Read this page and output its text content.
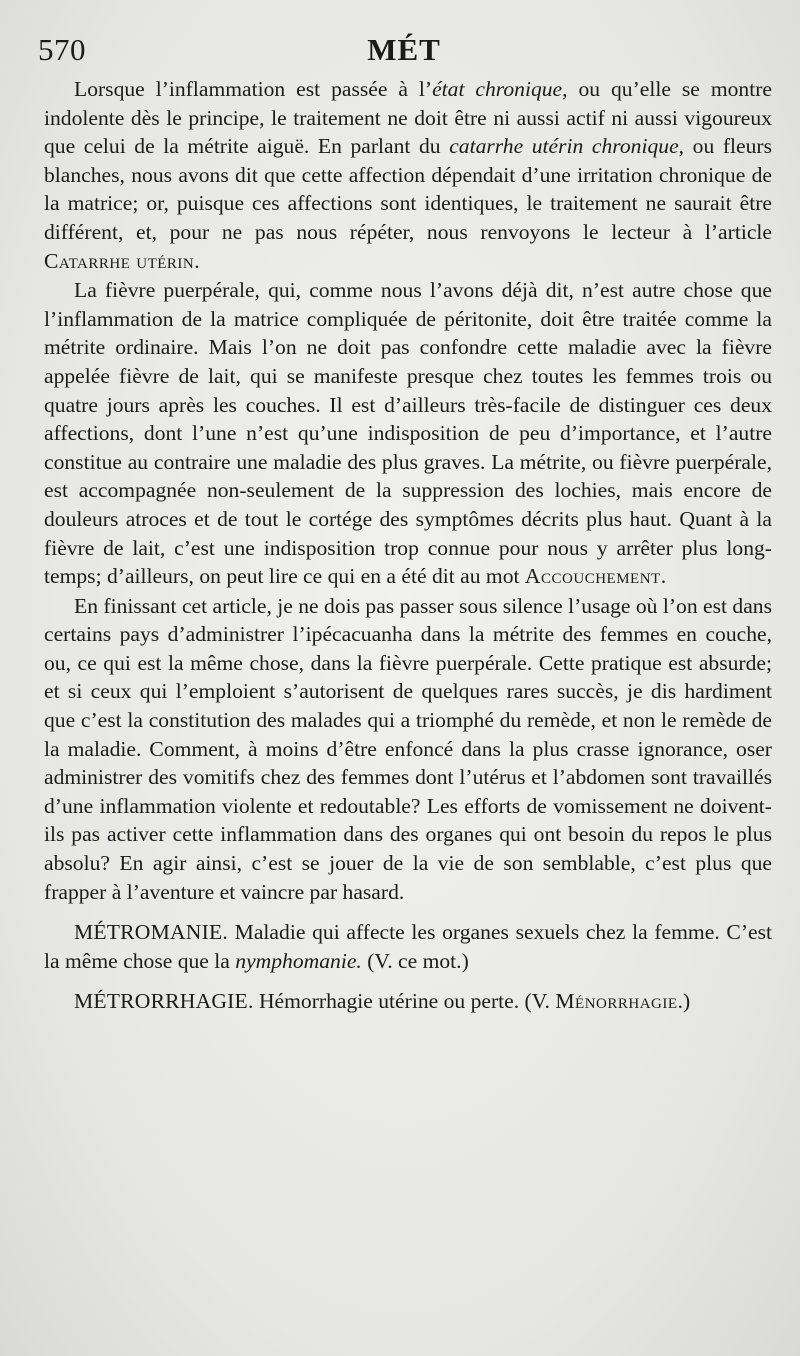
570	MÉT

Lorsque l’inflammation est passée à l’état chronique, ou qu’elle se montre indolente dès le principe, le traitement ne doit être ni aussi actif ni aussi vigoureux que celui de la métrite aiguë. En parlant du catarrhe utérin chronique, ou fleurs blanches, nous avons dit que cette affection dépendait d’une irritation chronique de la matrice; or, puisque ces affections sont identiques, le traitement ne saurait être différent, et, pour ne pas nous répéter, nous renvoyons le lecteur à l’article Catarrhe utérin.

La fièvre puerpérale, qui, comme nous l’avons déjà dit, n’est autre chose que l’inflammation de la matrice compliquée de péritonite, doit être traitée comme la métrite ordinaire. Mais l’on ne doit pas confondre cette maladie avec la fièvre appelée fièvre de lait, qui se manifeste presque chez toutes les femmes trois ou quatre jours après les couches. Il est d’ailleurs très-facile de distinguer ces deux affections, dont l’une n’est qu’une indisposition de peu d’importance, et l’autre constitue au contraire une maladie des plus graves. La métrite, ou fièvre puerpérale, est accompagnée non-seulement de la suppression des lochies, mais encore de douleurs atroces et de tout le cortége des symptômes décrits plus haut. Quant à la fièvre de lait, c’est une indisposition trop connue pour nous y arrêter plus long-temps; d’ailleurs, on peut lire ce qui en a été dit au mot Accouchement.

En finissant cet article, je ne dois pas passer sous silence l’usage où l’on est dans certains pays d’administrer l’ipécacuanha dans la métrite des femmes en couche, ou, ce qui est la même chose, dans la fièvre puerpérale. Cette pratique est absurde; et si ceux qui l’emploient s’autorisent de quelques rares succès, je dis hardiment que c’est la constitution des malades qui a triomphé du remède, et non le remède de la maladie. Comment, à moins d’être enfoncé dans la plus crasse ignorance, oser administrer des vomitifs chez des femmes dont l’utérus et l’abdomen sont travaillés d’une inflammation violente et redoutable? Les efforts de vomissement ne doivent-ils pas activer cette inflammation dans des organes qui ont besoin du repos le plus absolu? En agir ainsi, c’est se jouer de la vie de son semblable, c’est plus que frapper à l’aventure et vaincre par hasard.

MÉTROMANIE. Maladie qui affecte les organes sexuels chez la femme. C’est la même chose que la nymphomanie. (V. ce mot.)

MÉTRORRHAGIE. Hémorrhagie utérine ou perte. (V. Ménorrhagie.)
